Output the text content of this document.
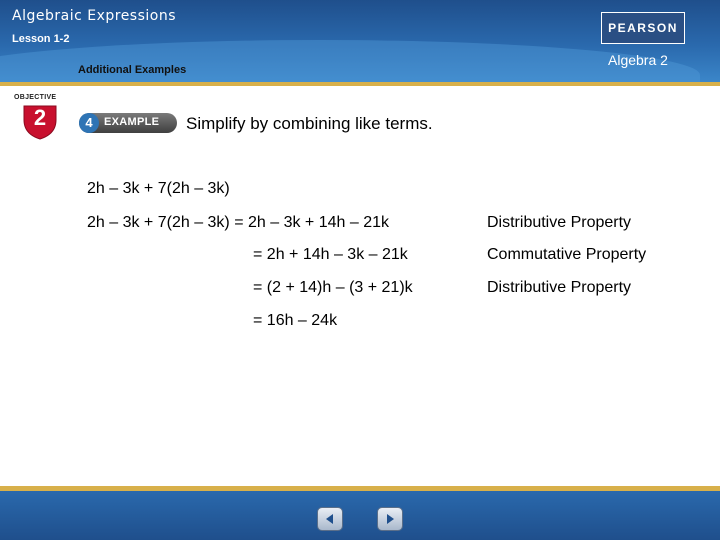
Algebraic Expressions
Lesson 1-2
Additional Examples
Algebra 2
PEARSON
OBJECTIVE
2	4	EXAMPLE Simplify by combining like terms.
2h – 3k + 7(2h – 3k)
2h – 3k + 7(2h – 3k) = 2h – 3k + 14h – 21k	Distributive Property
= 2h + 14h – 3k – 21k	Commutative Property
= (2 + 14)h – (3 + 21)k	Distributive Property
= 16h – 24k
